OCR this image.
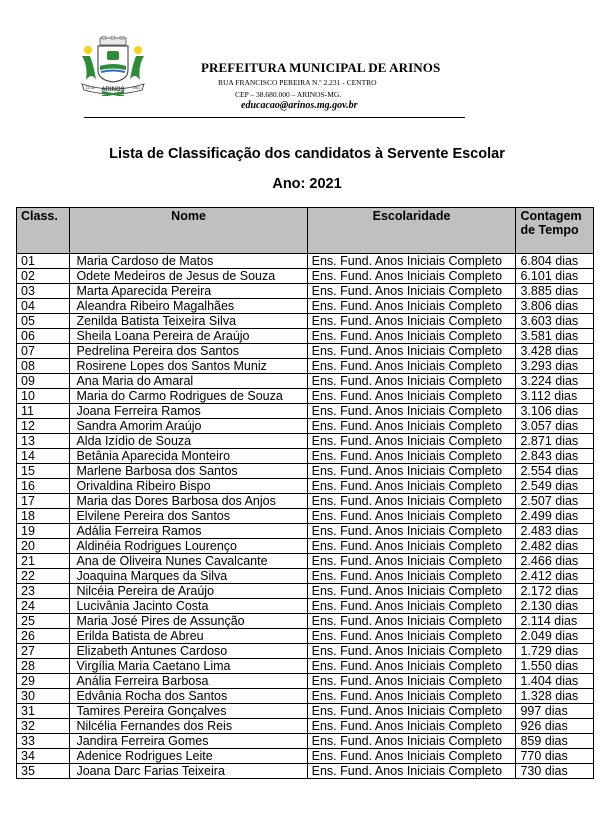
ARINOS
31-08	1963
PREFEITURA MUNICIPAL DE ARINOS
RUA FRANCISCO PEREIRA N.º 2.231 - CENTRO
CEP – 38.680.000 – ARINOS-MG.
educacao@arinos.mg.gov.br
Lista de Classificação dos candidatos à Servente Escolar
Ano: 2021
Class.	Nome	Escolaridade	Contagem
de Tempo
01	Maria Cardoso de Matos	Ens. Fund. Anos Iniciais Completo	6.804 dias
02	Odete Medeiros de Jesus de Souza	Ens. Fund. Anos Iniciais Completo	6.101 dias
03	Marta Aparecida Pereira	Ens. Fund. Anos Iniciais Completo	3.885 dias
04	Aleandra Ribeiro Magalhães	Ens. Fund. Anos Iniciais Completo	3.806 dias
05	Zenilda Batista Teixeira Silva	Ens. Fund. Anos Iniciais Completo	3.603 dias
06	Sheila Loana Pereira de Araújo	Ens. Fund. Anos Iniciais Completo	3.581 dias
07	Pedrelina Pereira dos Santos	Ens. Fund. Anos Iniciais Completo	3.428 dias
08	Rosirene Lopes dos Santos Muniz	Ens. Fund. Anos Iniciais Completo	3.293 dias
09	Ana Maria do Amaral	Ens. Fund. Anos Iniciais Completo	3.224 dias
10	Maria do Carmo Rodrigues de Souza	Ens. Fund. Anos Iniciais Completo	3.112 dias
11	Joana Ferreira Ramos	Ens. Fund. Anos Iniciais Completo	3.106 dias
12	Sandra Amorim Araújo	Ens. Fund. Anos Iniciais Completo	3.057 dias
13	Alda Izídio de Souza	Ens. Fund. Anos Iniciais Completo	2.871 dias
14	Betânia Aparecida Monteiro	Ens. Fund. Anos Iniciais Completo	2.843 dias
15	Marlene Barbosa dos Santos	Ens. Fund. Anos Iniciais Completo	2.554 dias
16	Orivaldina Ribeiro Bispo	Ens. Fund. Anos Iniciais Completo	2.549 dias
17	Maria das Dores Barbosa dos Anjos	Ens. Fund. Anos Iniciais Completo	2.507 dias
18	Elvilene Pereira dos Santos	Ens. Fund. Anos Iniciais Completo	2.499 dias
19	Adália Ferreira Ramos	Ens. Fund. Anos Iniciais Completo	2.483 dias
20	Aldinéia Rodrigues Lourenço	Ens. Fund. Anos Iniciais Completo	2.482 dias
21	Ana de Oliveira Nunes Cavalcante	Ens. Fund. Anos Iniciais Completo	2.466 dias
22	Joaquina Marques da Silva	Ens. Fund. Anos Iniciais Completo	2.412 dias
23	Nilcéia Pereira de Araújo	Ens. Fund. Anos Iniciais Completo	2.172 dias
24	Lucivânia Jacinto Costa	Ens. Fund. Anos Iniciais Completo	2.130 dias
25	Maria José Pires de Assunção	Ens. Fund. Anos Iniciais Completo	2.114 dias
26	Erilda Batista de Abreu	Ens. Fund. Anos Iniciais Completo	2.049 dias
27	Elizabeth Antunes Cardoso	Ens. Fund. Anos Iniciais Completo	1.729 dias
28	Virgília Maria Caetano Lima	Ens. Fund. Anos Iniciais Completo	1.550 dias
29	Anália Ferreira Barbosa	Ens. Fund. Anos Iniciais Completo	1.404 dias
30	Edvânia Rocha dos Santos	Ens. Fund. Anos Iniciais Completo	1.328 dias
31	Tamires Pereira Gonçalves	Ens. Fund. Anos Iniciais Completo	997 dias
32	Nilcélia Fernandes dos Reis	Ens. Fund. Anos Iniciais Completo	926 dias
33	Jandira Ferreira Gomes	Ens. Fund. Anos Iniciais Completo	859 dias
34	Adenice Rodrigues Leite	Ens. Fund. Anos Iniciais Completo	770 dias
35	Joana Darc Farias Teixeira	Ens. Fund. Anos Iniciais Completo	730 dias
